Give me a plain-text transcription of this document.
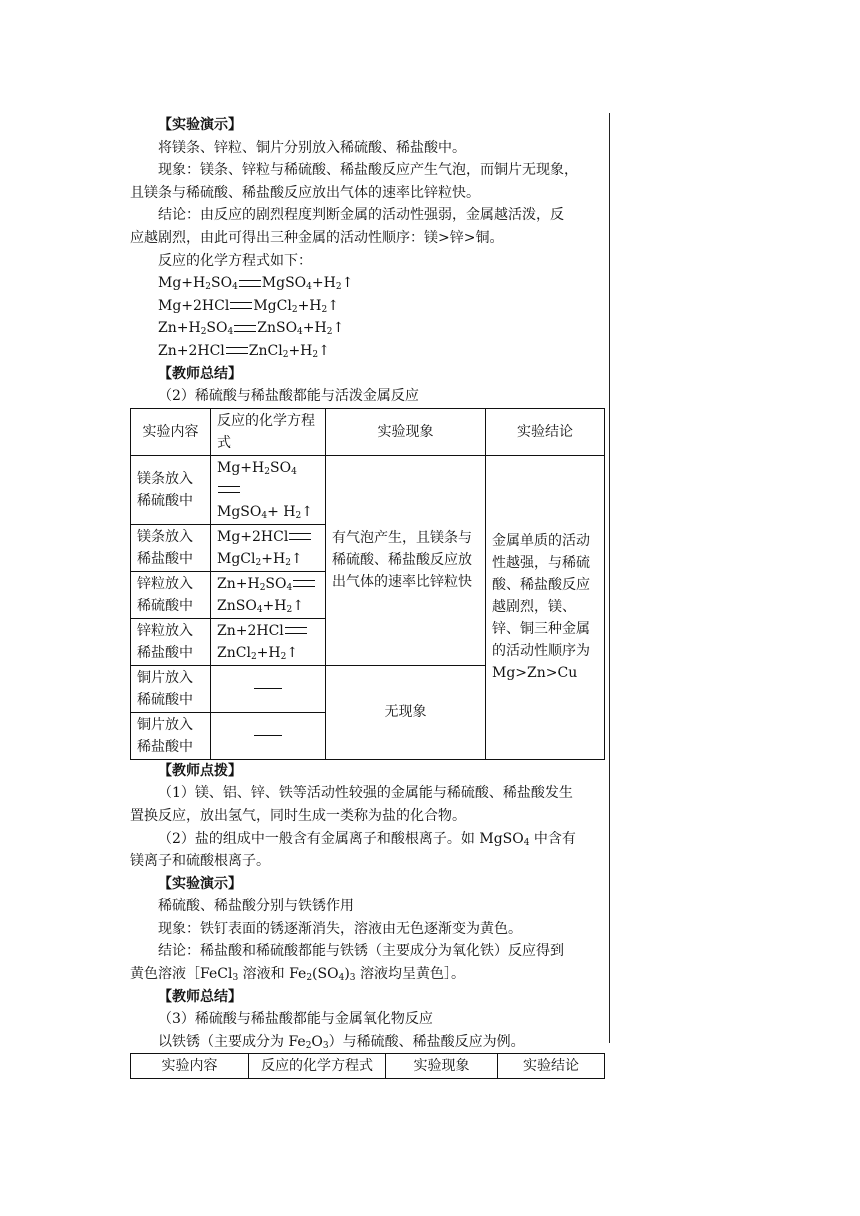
【实验演示】

将镁条、锌粒、铜片分别放入稀硫酸、稀盐酸中。

现象：镁条、锌粒与稀硫酸、稀盐酸反应产生气泡，而铜片无现象，

且镁条与稀硫酸、稀盐酸反应放出气体的速率比锌粒快。

结论：由反应的剧烈程度判断金属的活动性强弱，金属越活泼，反

应越剧烈，由此可得出三种金属的活动性顺序：镁>锌>铜。

反应的化学方程式如下：

$Mg+H_2SO_4$ $MgSO_4+H_2↑$

Mg+2HCl $MgCl_2+H_2↑$

$Zn+H_2SO_4$ $ZnSO_4+H_2↑$

Zn+2HCl $ZnCl_2+H_2↑$

【教师总结】

（2）稀硫酸与稀盐酸都能与活泼金属反应

实验内容	反应的化学方程式	实验现象	实验结论
镁条放入稀硫酸中	$Mg+H_2SO_4$
MgSO$_4$+ $H_2↑$	有气泡产生，且镁条与稀硫酸、稀盐酸反应放出气体的速率比锌粒快	金属单质的活动性越强，与稀硫酸、稀盐酸反应越剧烈，镁、锌、铜三种金属的活动性顺序为 Mg>Zn>Cu
镁条放入稀盐酸中	Mg+2HCl
$MgCl_2+H_2↑$		
锌粒放入稀硫酸中	$Zn+H_2SO_4$
$ZnSO_4+H_2↑$		
锌粒放入稀盐酸中	Zn+2HCl
$ZnCl_2+H_2↑$		
铜片放入稀硫酸中		无现象	
铜片放入稀盐酸中			

【教师点拨】

（1）镁、铝、锌、铁等活动性较强的金属能与稀硫酸、稀盐酸发生

置换反应，放出氢气，同时生成一类称为盐的化合物。

（2）盐的组成中一般含有金属离子和酸根离子。如 MgSO$_4$ 中含有

镁离子和硫酸根离子。

【实验演示】

稀硫酸、稀盐酸分别与铁锈作用

现象：铁钉表面的锈逐渐消失，溶液由无色逐渐变为黄色。

结论：稀盐酸和稀硫酸都能与铁锈（主要成分为氧化铁）反应得到

黄色溶液［FeCl$_3$ 溶液和 $Fe_2(SO_4)_3$ 溶液均呈黄色］。

【教师总结】

（3）稀硫酸与稀盐酸都能与金属氧化物反应

以铁锈（主要成分为 $Fe_2O_3$）与稀硫酸、稀盐酸反应为例。

实验内容	反应的化学方程式	实验现象	实验结论
